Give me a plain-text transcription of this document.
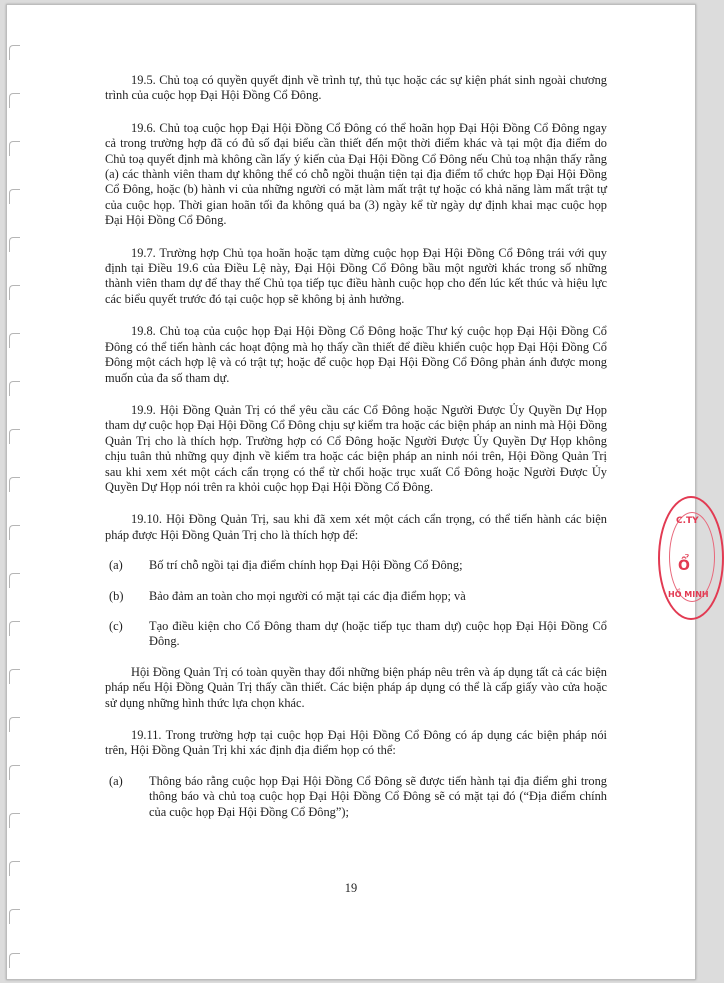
19.5. Chủ toạ có quyền quyết định về trình tự, thủ tục hoặc các sự kiện phát sinh ngoài chương trình của cuộc họp Đại Hội Đồng Cổ Đông.

19.6. Chủ toạ cuộc họp Đại Hội Đồng Cổ Đông có thể hoãn họp Đại Hội Đồng Cổ Đông ngay cả trong trường hợp đã có đủ số đại biểu cần thiết đến một thời điểm khác và tại một địa điểm do Chủ toạ quyết định mà không cần lấy ý kiến của Đại Hội Đồng Cổ Đông nếu Chủ toạ nhận thấy rằng (a) các thành viên tham dự không thể có chỗ ngồi thuận tiện tại địa điểm tổ chức họp Đại Hội Đồng Cổ Đông, hoặc (b) hành vi của những người có mặt làm mất trật tự hoặc có khả năng làm mất trật tự của cuộc họp. Thời gian hoãn tối đa không quá ba (3) ngày kể từ ngày dự định khai mạc cuộc họp Đại Hội Đồng Cổ Đông.

19.7. Trường hợp Chủ tọa hoãn hoặc tạm dừng cuộc họp Đại Hội Đồng Cổ Đông trái với quy định tại Điều 19.6 của Điều Lệ này, Đại Hội Đồng Cổ Đông bầu một người khác trong số những thành viên tham dự để thay thế Chủ tọa tiếp tục điều hành cuộc họp cho đến lúc kết thúc và hiệu lực các biểu quyết trước đó tại cuộc họp sẽ không bị ảnh hưởng.

19.8. Chủ toạ của cuộc họp Đại Hội Đồng Cổ Đông hoặc Thư ký cuộc họp Đại Hội Đồng Cổ Đông có thể tiến hành các hoạt động mà họ thấy cần thiết để điều khiển cuộc họp Đại Hội Đồng Cổ Đông một cách hợp lệ và có trật tự; hoặc để cuộc họp Đại Hội Đồng Cổ Đông phản ánh được mong muốn của đa số tham dự.

19.9. Hội Đồng Quản Trị có thể yêu cầu các Cổ Đông hoặc Người Được Ủy Quyền Dự Họp tham dự cuộc họp Đại Hội Đồng Cổ Đông chịu sự kiểm tra hoặc các biện pháp an ninh mà Hội Đồng Quản Trị cho là thích hợp. Trường hợp có Cổ Đông hoặc Người Được Ủy Quyền Dự Họp không chịu tuân thủ những quy định về kiểm tra hoặc các biện pháp an ninh nói trên, Hội Đồng Quản Trị sau khi xem xét một cách cẩn trọng có thể từ chối hoặc trục xuất Cổ Đông hoặc Người Được Ủy Quyền Dự Họp nói trên ra khỏi cuộc họp Đại Hội Đồng Cổ Đông.

19.10. Hội Đồng Quản Trị, sau khi đã xem xét một cách cẩn trọng, có thể tiến hành các biện pháp được Hội Đồng Quản Trị cho là thích hợp để:

(a) Bố trí chỗ ngồi tại địa điểm chính họp Đại Hội Đồng Cổ Đông;
(b) Bảo đảm an toàn cho mọi người có mặt tại các địa điểm họp; và
(c) Tạo điều kiện cho Cổ Đông tham dự (hoặc tiếp tục tham dự) cuộc họp Đại Hội Đồng Cổ Đông.

Hội Đồng Quản Trị có toàn quyền thay đổi những biện pháp nêu trên và áp dụng tất cả các biện pháp nếu Hội Đồng Quản Trị thấy cần thiết. Các biện pháp áp dụng có thể là cấp giấy vào cửa hoặc sử dụng những hình thức lựa chọn khác.

19.11. Trong trường hợp tại cuộc họp Đại Hội Đồng Cổ Đông có áp dụng các biện pháp nói trên, Hội Đồng Quản Trị khi xác định địa điểm họp có thể:

(a) Thông báo rằng cuộc họp Đại Hội Đồng Cổ Đông sẽ được tiến hành tại địa điểm ghi trong thông báo và chủ toạ cuộc họp Đại Hội Đồng Cổ Đông sẽ có mặt tại đó (“Địa điểm chính của cuộc họp Đại Hội Đồng Cổ Đông”);
19
C.TY
Ổ
HỒ MINH
